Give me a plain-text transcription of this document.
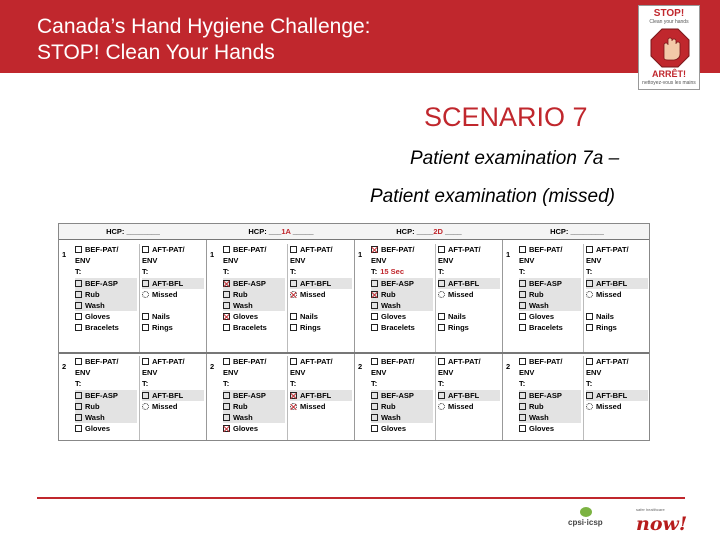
Canada’s Hand Hygiene Challenge:
STOP! Clean Your Hands
STOP!
Clean your hands
ARRÊT!
nettoyez-vous les mains
SCENARIO 7
Patient examination 7a –
Patient examination (missed)
HCP: ________
1
BEF-PAT/
ENV
T:
BEF-ASP
Rub
Wash
Gloves
Bracelets
AFT-PAT/
ENV
T:
AFT-BFL
Missed
Nails
Rings
2
BEF-PAT/
ENV
T:
BEF-ASP
Rub
Wash
Gloves
AFT-PAT/
ENV
T:
AFT-BFL
Missed
HCP: ___1A _____
1
BEF-PAT/
ENV
T:
BEF-ASP
Rub
Wash
Gloves
Bracelets
AFT-PAT/
ENV
T:
AFT-BFL
Missed
Nails
Rings
2
BEF-PAT/
ENV
T:
BEF-ASP
Rub
Wash
Gloves
AFT-PAT/
ENV
T:
AFT-BFL
Missed
HCP: ____2D ____
1
BEF-PAT/
ENV
T: 15 Sec
BEF-ASP
Rub
Wash
Gloves
Bracelets
AFT-PAT/
ENV
T:
AFT-BFL
Missed
Nails
Rings
2
BEF-PAT/
ENV
T:
BEF-ASP
Rub
Wash
Gloves
AFT-PAT/
ENV
T:
AFT-BFL
Missed
HCP: ________
1
BEF-PAT/
ENV
T:
BEF-ASP
Rub
Wash
Gloves
Bracelets
AFT-PAT/
ENV
T:
AFT-BFL
Missed
Nails
Rings
2
BEF-PAT/
ENV
T:
BEF-ASP
Rub
Wash
Gloves
AFT-PAT/
ENV
T:
AFT-BFL
Missed
cpsi·icsp
safer healthcare
now!
